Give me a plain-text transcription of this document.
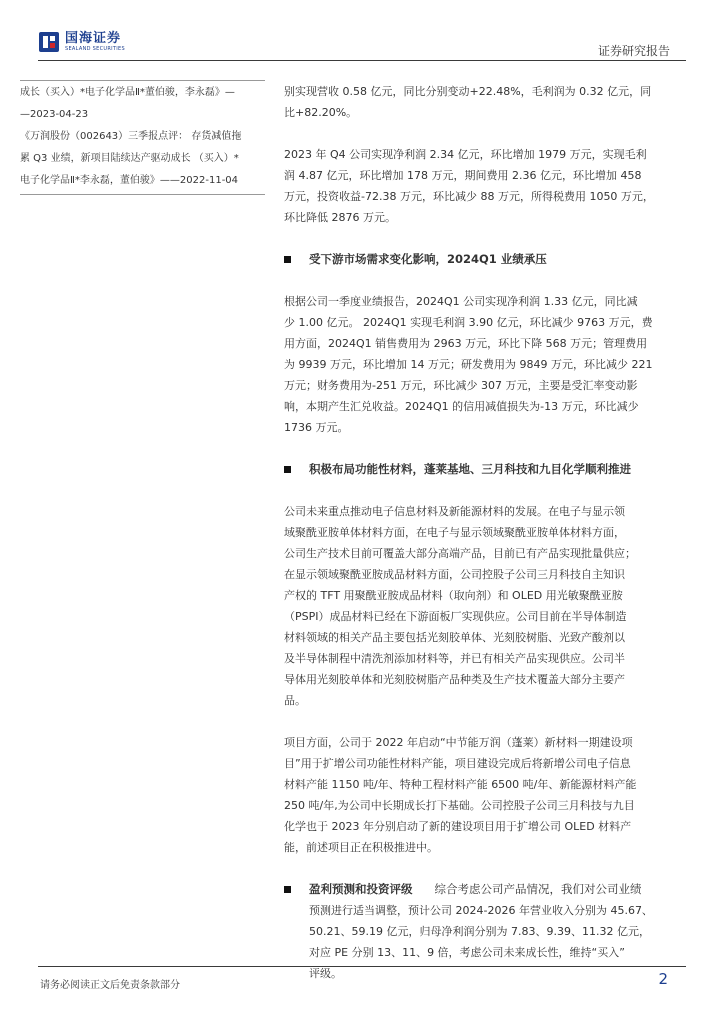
国海证券
SEALAND SECURITIES	证券研究报告

成长（买入）*电子化学品Ⅱ*董伯骏，李永磊》—

—2023-04-23

《万润股份（002643）三季报点评： 存货减值拖

累 Q3 业绩，新项目陆续达产驱动成长 （买入）*

电子化学品Ⅱ*李永磊，董伯骏》——2022-11-04

别实现营收 0.58 亿元，同比分别变动+22.48%，毛利润为 0.32 亿元，同

比+82.20%。

2023 年 Q4 公司实现净利润 2.34 亿元，环比增加 1979 万元，实现毛利

润 4.87 亿元，环比增加 178 万元，期间费用 2.36 亿元，环比增加 458

万元，投资收益-72.38 万元，环比减少 88 万元，所得税费用 1050 万元，

环比降低 2876 万元。

受下游市场需求变化影响，2024Q1 业绩承压

根据公司一季度业绩报告，2024Q1 公司实现净利润 1.33 亿元，同比减

少 1.00 亿元。 2024Q1 实现毛利润 3.90 亿元，环比减少 9763 万元，费

用方面，2024Q1 销售费用为 2963 万元，环比下降 568 万元；管理费用

为 9939 万元，环比增加 14 万元；研发费用为 9849 万元，环比减少 221

万元；财务费用为-251 万元，环比减少 307 万元，主要是受汇率变动影

响，本期产生汇兑收益。2024Q1 的信用减值损失为-13 万元，环比减少

1736 万元。

积极布局功能性材料，蓬莱基地、三月科技和九目化学顺利推进

公司未来重点推动电子信息材料及新能源材料的发展。在电子与显示领

域聚酰亚胺单体材料方面，在电子与显示领域聚酰亚胺单体材料方面，

公司生产技术目前可覆盖大部分高端产品，目前已有产品实现批量供应；

在显示领域聚酰亚胺成品材料方面，公司控股子公司三月科技自主知识

产权的 TFT 用聚酰亚胺成品材料（取向剂）和 OLED 用光敏聚酰亚胺

（PSPI）成品材料已经在下游面板厂实现供应。公司目前在半导体制造

材料领域的相关产品主要包括光刻胶单体、光刻胶树脂、光致产酸剂以

及半导体制程中清洗剂添加材料等，并已有相关产品实现供应。公司半

导体用光刻胶单体和光刻胶树脂产品种类及生产技术覆盖大部分主要产

品。

项目方面，公司于 2022 年启动“中节能万润（蓬莱）新材料一期建设项

目”用于扩增公司功能性材料产能，项目建设完成后将新增公司电子信息

材料产能 1150 吨/年、特种工程材料产能 6500 吨/年、新能源材料产能

250 吨/年,为公司中长期成长打下基础。公司控股子公司三月科技与九目

化学也于 2023 年分别启动了新的建设项目用于扩增公司 OLED 材料产

能，前述项目正在积极推进中。

盈利预测和投资评级 综合考虑公司产品情况，我们对公司业绩

预测进行适当调整，预计公司 2024-2026 年营业收入分别为 45.67、

50.21、59.19 亿元，归母净利润分别为 7.83、9.39、11.32 亿元，

对应 PE 分别 13、11、9 倍，考虑公司未来成长性，维持“买入”

评级。

请务必阅读正文后免责条款部分	2
